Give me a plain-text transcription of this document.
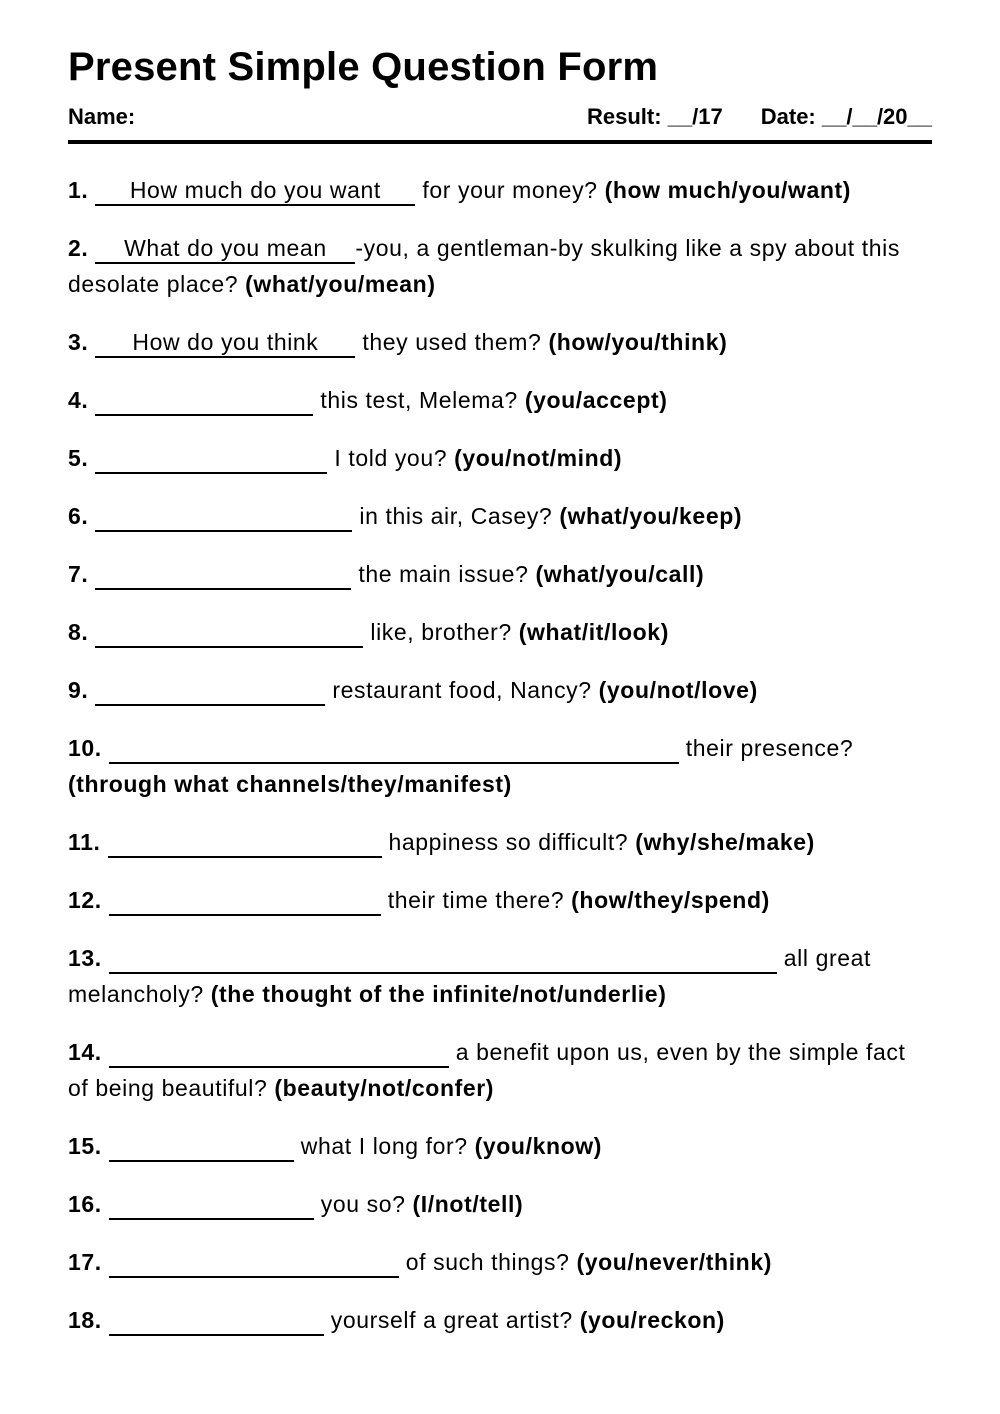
Present Simple Question Form
Name:	Result: __/17 Date: __/__/20__

1.	How much do you want	for your money? (how much/you/want)

2.	What do you mean	-you, a gentleman-by skulking like a spy about this desolate place? (what/you/mean)

3.	How do you think	they used them? (how/you/think)

4.
	this test, Melema? (you/accept)

5.
	I told you? (you/not/mind)

6.
	in this air, Casey? (what/you/keep)

7.
	the main issue? (what/you/call)

8.
	like, brother? (what/it/look)

9.
	restaurant food, Nancy? (you/not/love)

10.
	their presence? (through what channels/they/manifest)

11.
	happiness so difficult? (why/she/make)

12.
	their time there? (how/they/spend)

13.
	all great melancholy? (the thought of the infinite/not/underlie)

14.
	a benefit upon us, even by the simple fact of being beautiful? (beauty/not/confer)

15.
	what I long for? (you/know)

16.
	you so? (I/not/tell)

17.
	of such things? (you/never/think)

18.
	yourself a great artist? (you/reckon)
